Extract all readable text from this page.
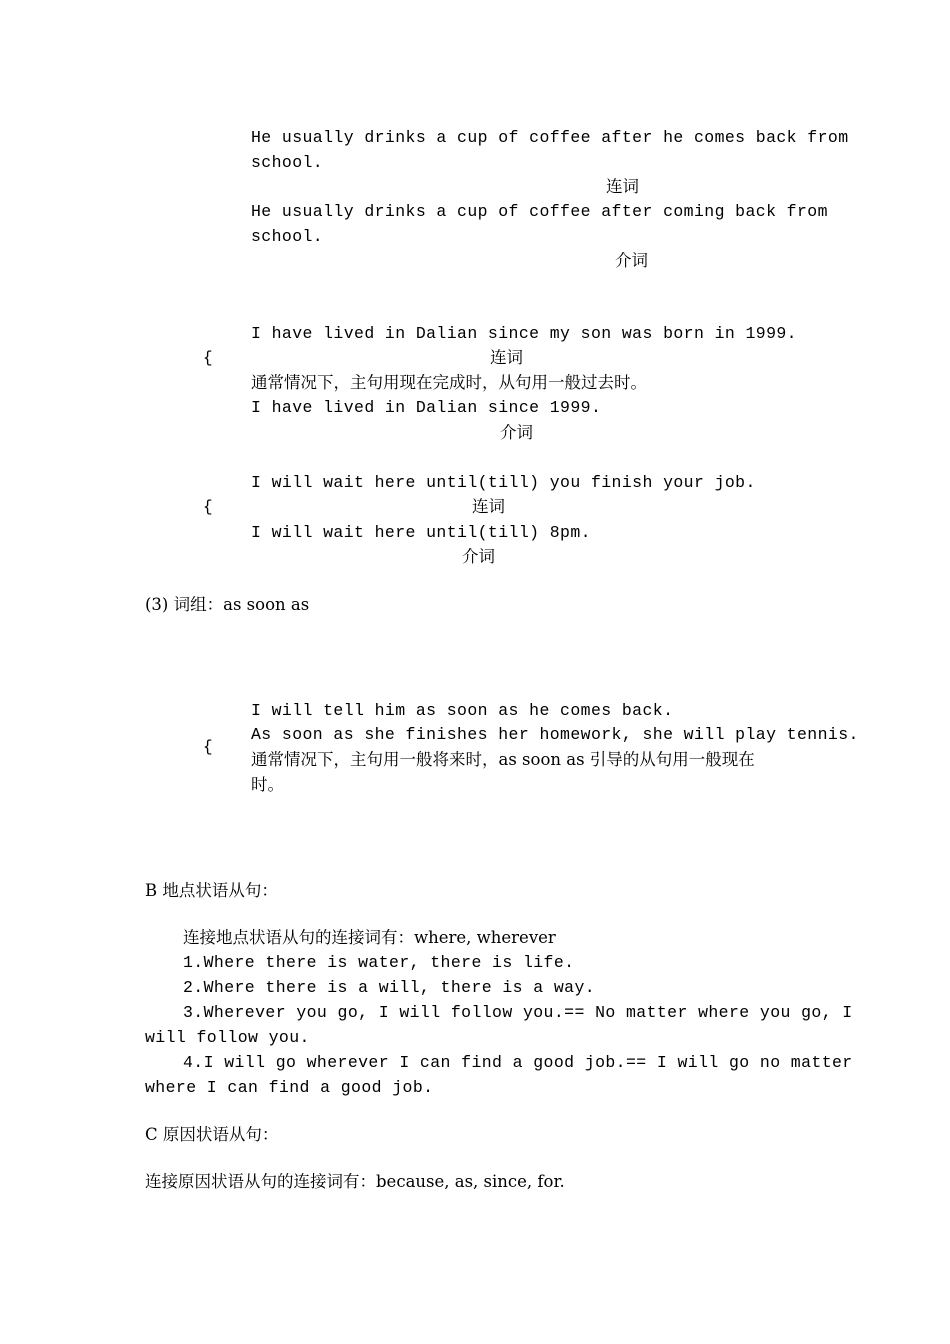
He usually drinks a cup of coffee after he comes back from
school.
连词
He usually drinks a cup of coffee after coming back from
school.
介词
I have lived in Dalian since my son was born in 1999.
{	连词
通常情况下，主句用现在完成时，从句用一般过去时。
I have lived in Dalian since 1999.
介词
I will wait here until(till) you finish your job.
{	连词
I will wait here until(till) 8pm.
介词
(3) 词组：as soon as
I will tell him as soon as he comes back.
As soon as she finishes her homework, she will play tennis.
{
通常情况下，主句用一般将来时，as soon as 引导的从句用一般现在
时。
B 地点状语从句：
连接地点状语从句的连接词有：where, wherever
1.Where there is water, there is life.
2.Where there is a will, there is a way.
3.Wherever you go, I will follow you.== No matter where you go, I
will follow you.
4.I will go wherever I can find a good job.== I will go no matter
where I can find a good job.
C 原因状语从句：
连接原因状语从句的连接词有：because, as, since, for.
